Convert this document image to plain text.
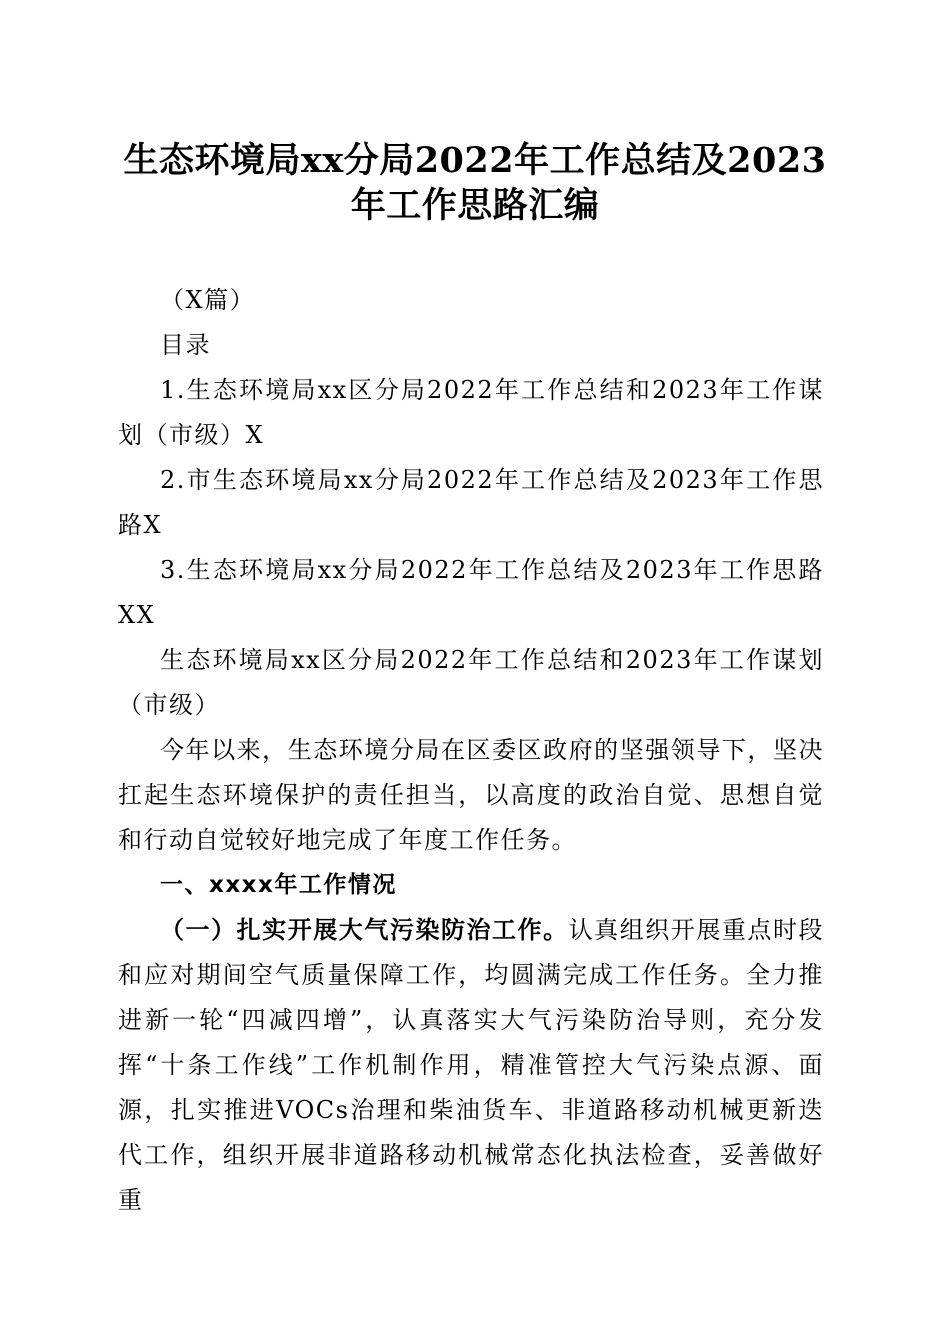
生态环境局xx分局2022年工作总结及2023
年工作思路汇编

（X篇）

目录

1.生态环境局xx区分局2022年工作总结和2023年工作谋划（市级）X

2.市生态环境局xx分局2022年工作总结及2023年工作思路X

3.生态环境局xx分局2022年工作总结及2023年工作思路XX

生态环境局xx区分局2022年工作总结和2023年工作谋划（市级）

今年以来，生态环境分局在区委区政府的坚强领导下，坚决扛起生态环境保护的责任担当，以高度的政治自觉、思想自觉和行动自觉较好地完成了年度工作任务。

一、xxxx年工作情况

（一）扎实开展大气污染防治工作。认真组织开展重点时段和应对期间空气质量保障工作，均圆满完成工作任务。全力推进新一轮“四减四增”，认真落实大气污染防治导则，充分发挥“十条工作线”工作机制作用，精准管控大气污染点源、面源，扎实推进VOCs治理和柴油货车、非道路移动机械更新迭代工作，组织开展非道路移动机械常态化执法检查，妥善做好重
